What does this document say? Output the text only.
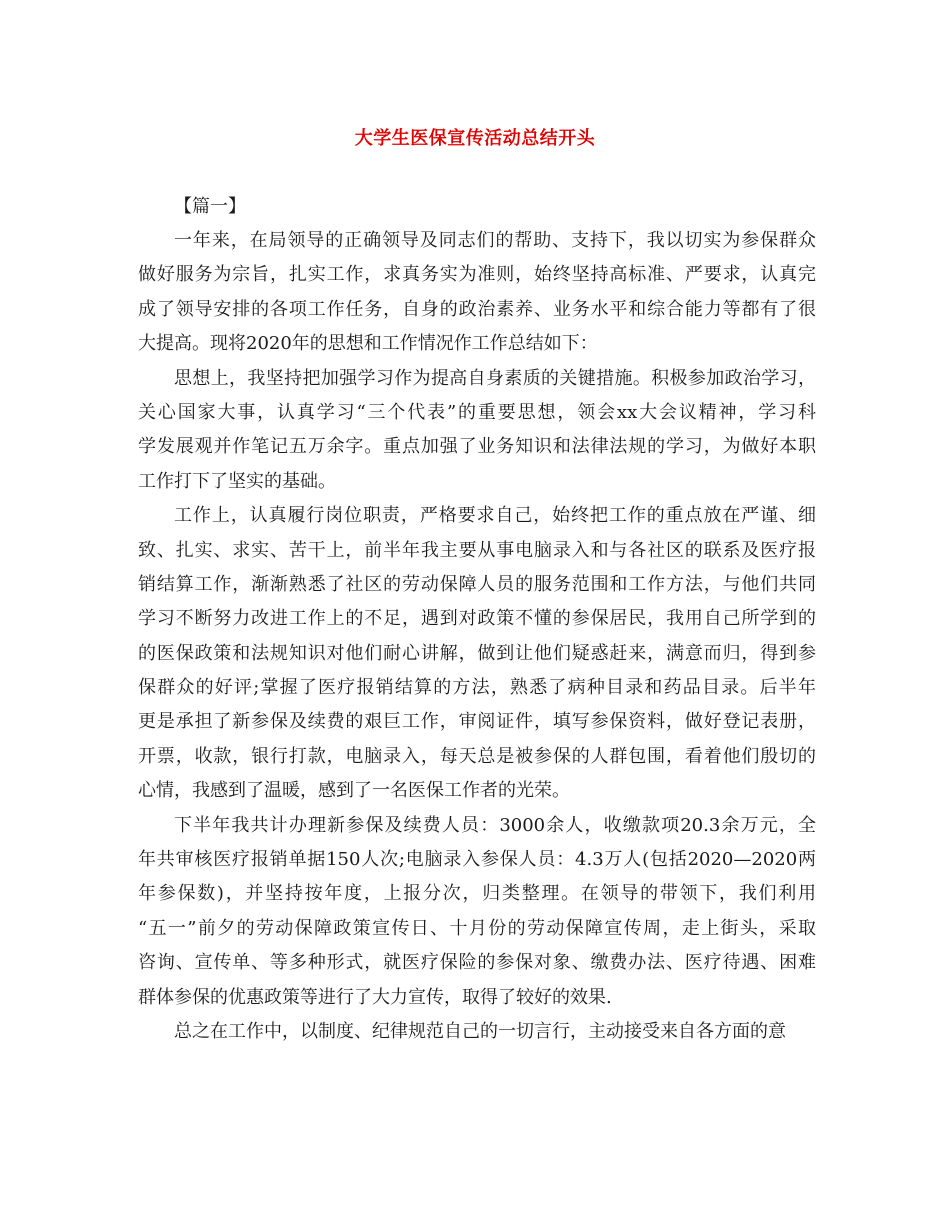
大学生医保宣传活动总结开头
【篇一】
一年来，在局领导的正确领导及同志们的帮助、支持下，我以切实为参保群众
做好服务为宗旨，扎实工作，求真务实为准则，始终坚持高标准、严要求，认真完
成了领导安排的各项工作任务，自身的政治素养、业务水平和综合能力等都有了很
大提高。现将2020年的思想和工作情况作工作总结如下：
思想上，我坚持把加强学习作为提高自身素质的关键措施。积极参加政治学习，
关心国家大事，认真学习“三个代表”的重要思想，领会xx大会议精神，学习科
学发展观并作笔记五万余字。重点加强了业务知识和法律法规的学习，为做好本职
工作打下了坚实的基础。
工作上，认真履行岗位职责，严格要求自己，始终把工作的重点放在严谨、细
致、扎实、求实、苦干上，前半年我主要从事电脑录入和与各社区的联系及医疗报
销结算工作，渐渐熟悉了社区的劳动保障人员的服务范围和工作方法，与他们共同
学习不断努力改进工作上的不足，遇到对政策不懂的参保居民，我用自己所学到的
的医保政策和法规知识对他们耐心讲解，做到让他们疑惑赶来，满意而归，得到参
保群众的好评;掌握了医疗报销结算的方法，熟悉了病种目录和药品目录。后半年
更是承担了新参保及续费的艰巨工作，审阅证件，填写参保资料，做好登记表册，
开票，收款，银行打款，电脑录入，每天总是被参保的人群包围，看着他们殷切的
心情，我感到了温暖，感到了一名医保工作者的光荣。
下半年我共计办理新参保及续费人员：3000余人，收缴款项20.3余万元，全
年共审核医疗报销单据150人次;电脑录入参保人员：4.3万人(包括2020—2020两
年参保数)，并坚持按年度，上报分次，归类整理。在领导的带领下，我们利用
“五一”前夕的劳动保障政策宣传日、十月份的劳动保障宣传周，走上街头，采取
咨询、宣传单、等多种形式，就医疗保险的参保对象、缴费办法、医疗待遇、困难
群体参保的优惠政策等进行了大力宣传，取得了较好的效果.
总之在工作中，以制度、纪律规范自己的一切言行，主动接受来自各方面的意
